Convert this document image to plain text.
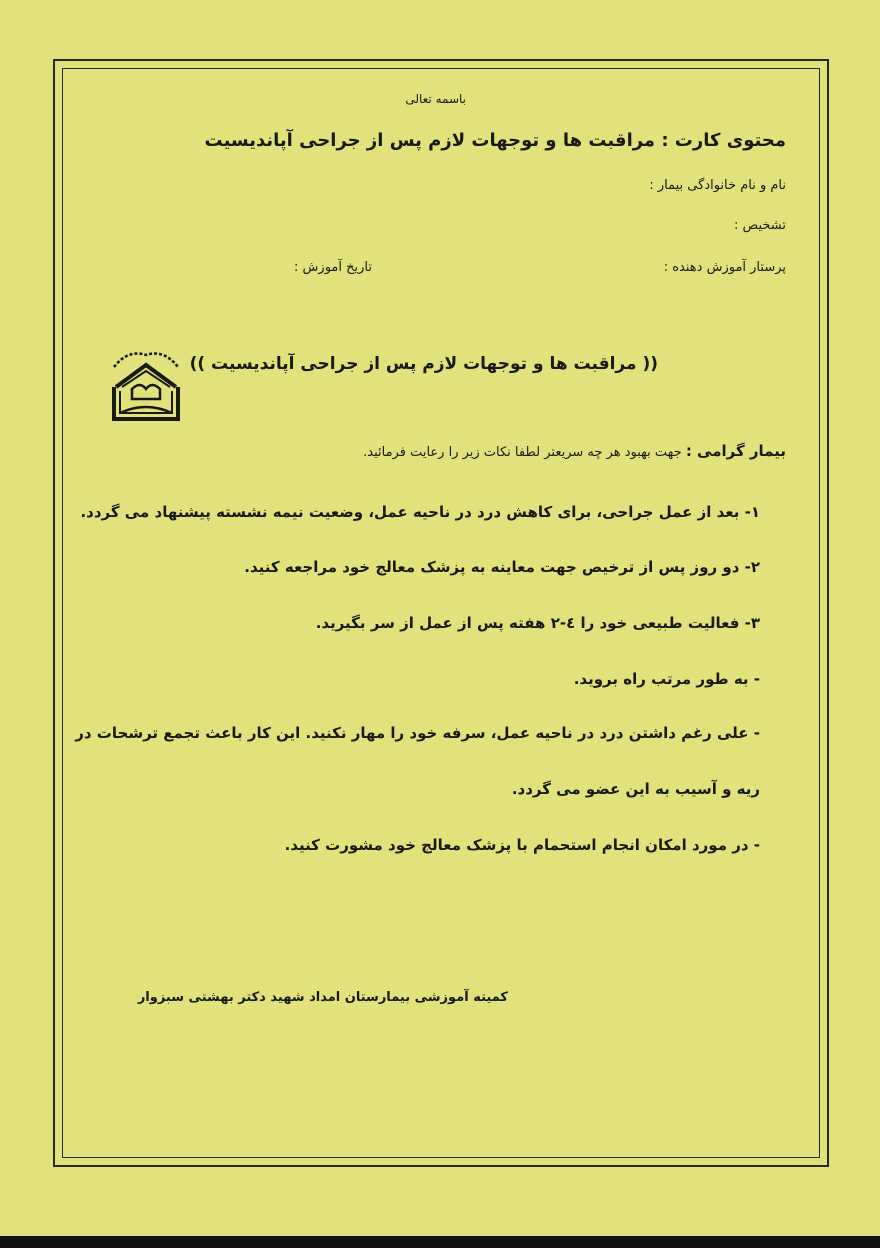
باسمه تعالی
محتوی کارت : مراقبت ها و توجهات لازم پس از جراحی آپاندیسیت
نام و نام خانوادگی بیمار :
تشخیص :
پرستار آموزش دهنده :
تاریخ آموزش :
(( مراقبت ها و توجهات لازم پس از جراحی آپاندیسیت ))
بیمار گرامی : جهت بهبود هر چه سریعتر لطفا نکات زیر را رعایت فرمائید.
۱- بعد از عمل جراحی، برای کاهش درد در ناحیه عمل، وضعیت نیمه نشسته پیشنهاد می گردد.
۲- دو روز پس از ترخیص جهت معاینه به پزشک معالج خود مراجعه کنید.
۳- فعالیت طبیعی خود را ٤-۲ هفته پس از عمل از سر بگیرید.
- به طور مرتب راه بروید.
- علی رغم داشتن درد در ناحیه عمل، سرفه خود را مهار نکنید. این کار باعث تجمع ترشحات در
ریه و آسیب به این عضو می گردد.
- در مورد امکان انجام استحمام با پزشک معالج خود مشورت کنید.
کمیته آموزشی بیمارستان امداد شهید دکتر بهشتی سبزوار
